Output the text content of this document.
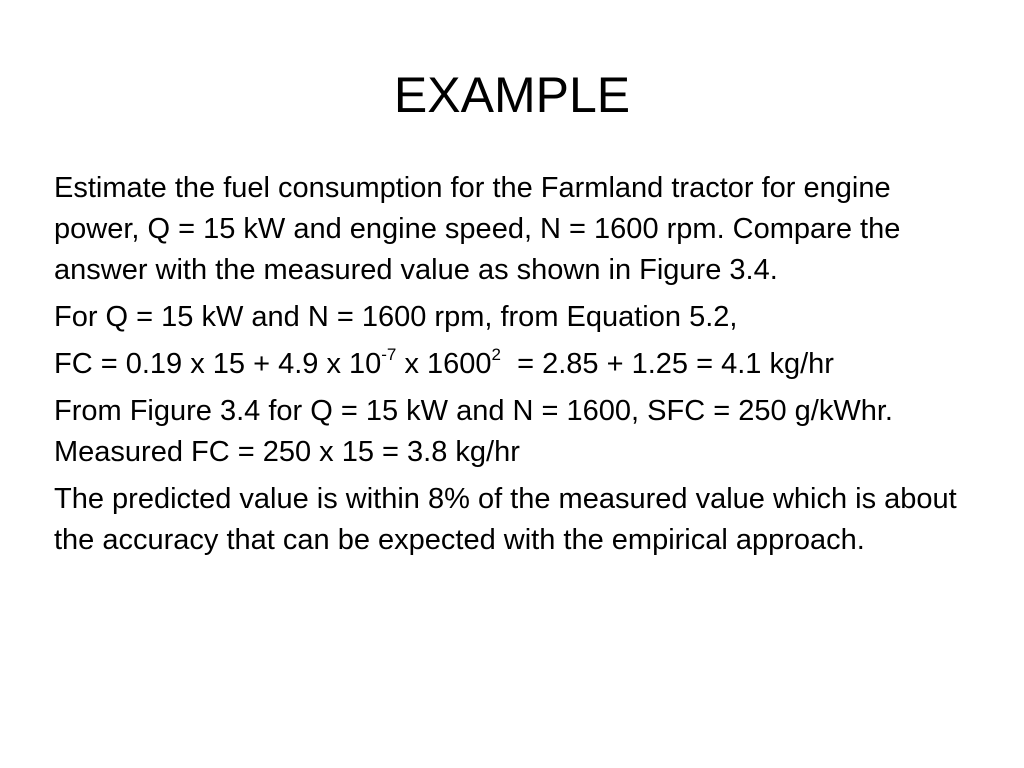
EXAMPLE
Estimate the fuel consumption for the Farmland tractor for engine power, Q = 15 kW and engine speed, N = 1600 rpm. Compare the answer with the measured value as shown in Figure 3.4.
For Q = 15 kW and N = 1600 rpm, from Equation 5.2,
FC = 0.19 x 15 + 4.9 x $10^{-7}$ x 1600$^2$  = 2.85 + 1.25 = 4.1 kg/hr
From Figure 3.4 for Q = 15 kW and N = 1600, SFC = 250 g/kWhr. Measured FC = 250 x 15 = 3.8 kg/hr
The predicted value is within 8% of the measured value which is about the accuracy that can be expected with the empirical approach.
